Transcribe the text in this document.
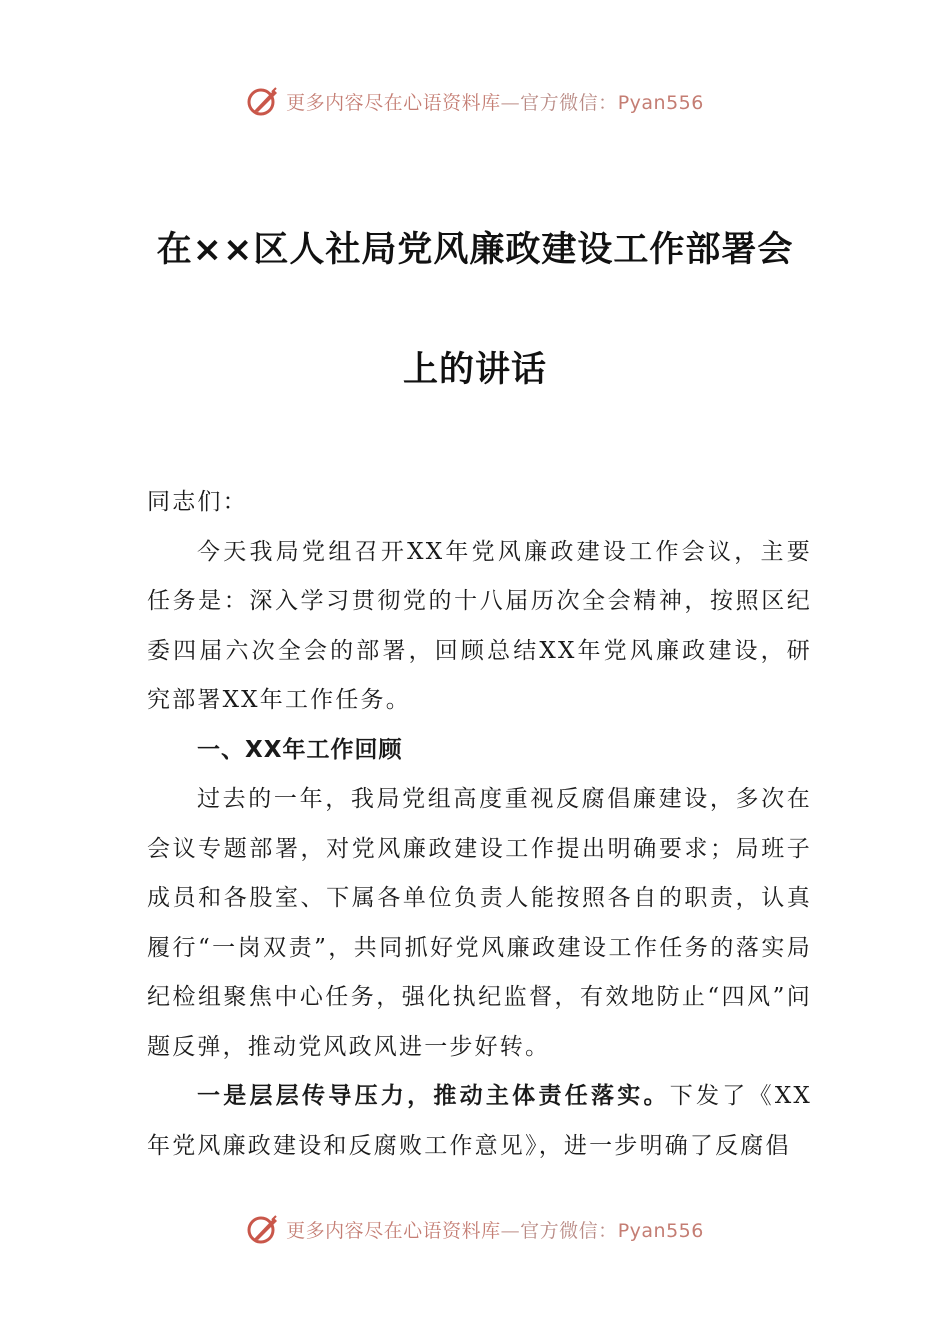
更多内容尽在心语资料库—官方微信：Pyan556
在××区人社局党风廉政建设工作部署会
上的讲话

同志们：

今天我局党组召开XX年党风廉政建设工作会议，主要任务是：深入学习贯彻党的十八届历次全会精神，按照区纪委四届六次全会的部署，回顾总结XX年党风廉政建设，研究部署XX年工作任务。

一、XX年工作回顾

过去的一年，我局党组高度重视反腐倡廉建设，多次在会议专题部署，对党风廉政建设工作提出明确要求；局班子成员和各股室、下属各单位负责人能按照各自的职责，认真履行“一岗双责”，共同抓好党风廉政建设工作任务的落实局纪检组聚焦中心任务，强化执纪监督，有效地防止“四风”问题反弹，推动党风政风进一步好转。

一是层层传导压力，推动主体责任落实。下发了《XX年党风廉政建设和反腐败工作意见》，进一步明确了反腐倡

更多内容尽在心语资料库—官方微信：Pyan556
